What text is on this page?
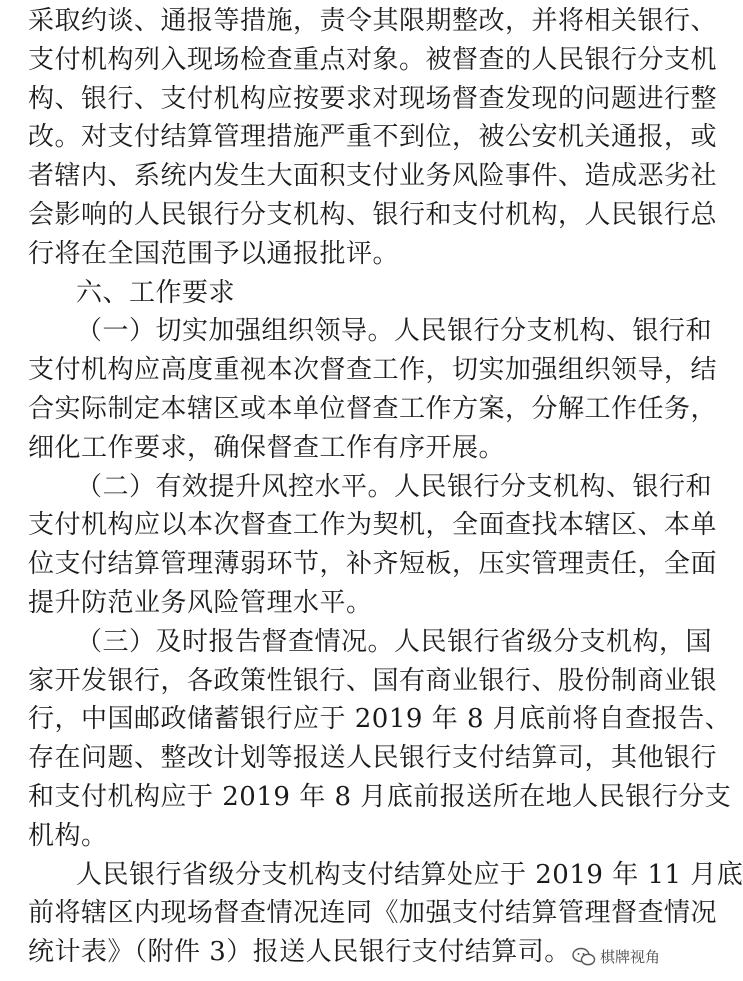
采取约谈、通报等措施，责令其限期整改，并将相关银行、
支付机构列入现场检查重点对象。被督查的人民银行分支机
构、银行、支付机构应按要求对现场督查发现的问题进行整
改。对支付结算管理措施严重不到位，被公安机关通报，或
者辖内、系统内发生大面积支付业务风险事件、造成恶劣社
会影响的人民银行分支机构、银行和支付机构，人民银行总
行将在全国范围予以通报批评。
六、工作要求
（一）切实加强组织领导。人民银行分支机构、银行和
支付机构应高度重视本次督查工作，切实加强组织领导，结
合实际制定本辖区或本单位督查工作方案，分解工作任务，
细化工作要求，确保督查工作有序开展。
（二）有效提升风控水平。人民银行分支机构、银行和
支付机构应以本次督查工作为契机，全面查找本辖区、本单
位支付结算管理薄弱环节，补齐短板，压实管理责任，全面
提升防范业务风险管理水平。
（三）及时报告督查情况。人民银行省级分支机构，国
家开发银行，各政策性银行、国有商业银行、股份制商业银
行，中国邮政储蓄银行应于 2019 年 8 月底前将自查报告、
存在问题、整改计划等报送人民银行支付结算司，其他银行
和支付机构应于 2019 年 8 月底前报送所在地人民银行分支
机构。
人民银行省级分支机构支付结算处应于 2019 年 11 月底
前将辖区内现场督查情况连同《加强支付结算管理督查情况
统计表》（附件 3）报送人民银行支付结算司。	棋牌视角
